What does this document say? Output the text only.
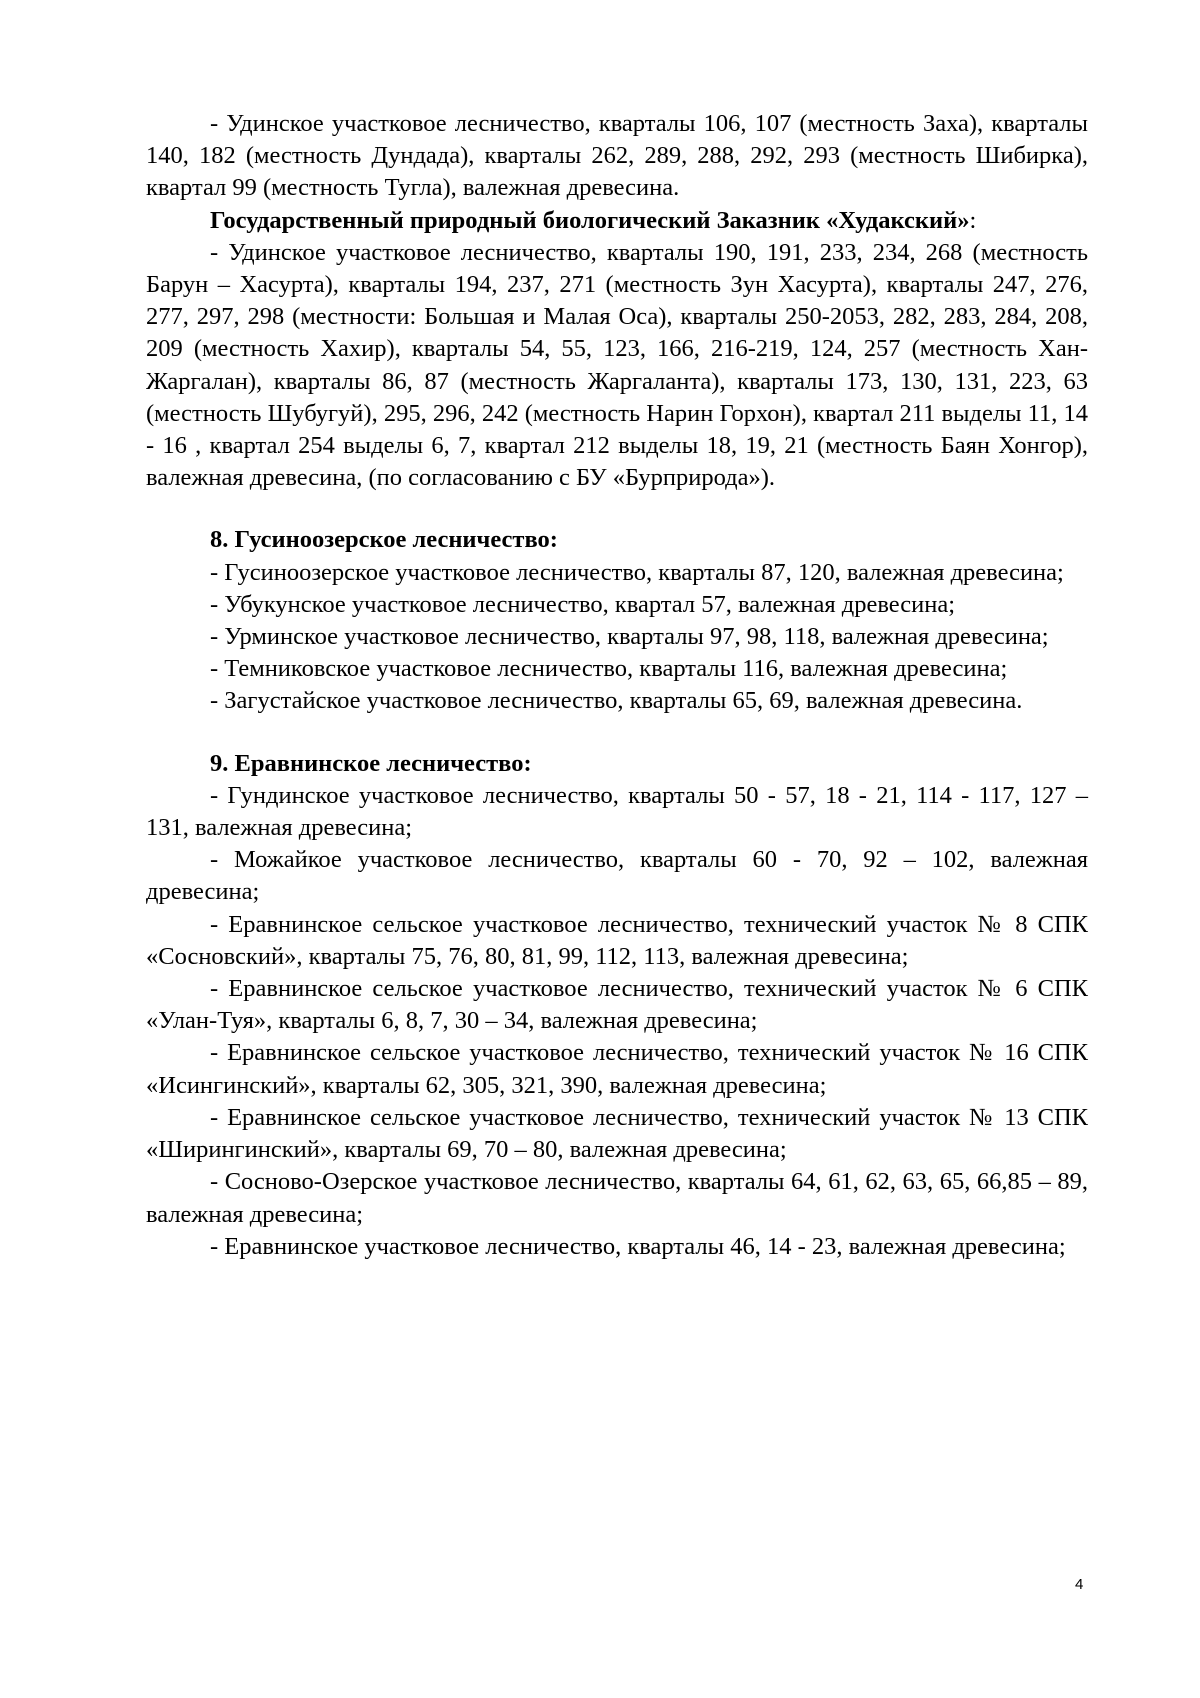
- Удинское участковое лесничество, кварталы 106, 107 (местность Заха), кварталы 140, 182 (местность Дундада), кварталы 262, 289, 288, 292, 293 (местность Шибирка), квартал 99 (местность Тугла), валежная древесина.

Государственный природный биологический Заказник «Худакский»:

- Удинское участковое лесничество, кварталы 190, 191, 233, 234, 268 (местность Барун – Хасурта), кварталы 194, 237, 271 (местность Зун Хасурта), кварталы 247, 276, 277, 297, 298 (местности: Большая и Малая Оса), кварталы 250-2053, 282, 283, 284, 208, 209 (местность Хахир), кварталы 54, 55, 123, 166, 216-219, 124, 257 (местность Хан-Жаргалан), кварталы 86, 87 (местность Жаргаланта), кварталы 173, 130, 131, 223, 63 (местность Шубугуй), 295, 296, 242 (местность Нарин Горхон), квартал 211 выделы 11, 14 - 16 , квартал 254 выделы 6, 7, квартал 212 выделы 18, 19, 21 (местность Баян Хонгор), валежная древесина, (по согласованию с БУ «Бурприрода»).

8. Гусиноозерское лесничество:

- Гусиноозерское участковое лесничество, кварталы 87, 120, валежная древесина;

- Убукунское участковое лесничество, квартал 57, валежная древесина;

- Урминское участковое лесничество, кварталы 97, 98, 118, валежная древесина;

- Темниковское участковое лесничество, кварталы 116, валежная древесина;

- Загустайское участковое лесничество, кварталы 65, 69, валежная древесина.

9. Еравнинское лесничество:

- Гундинское участковое лесничество, кварталы 50 - 57, 18 - 21, 114 - 117, 127 – 131, валежная древесина;

- Можайкое участковое лесничество, кварталы 60 - 70, 92 – 102, валежная древесина;

- Еравнинское сельское участковое лесничество, технический участок № 8 СПК «Сосновский», кварталы 75, 76, 80, 81, 99, 112, 113, валежная древесина;

- Еравнинское сельское участковое лесничество, технический участок № 6 СПК «Улан-Туя», кварталы 6, 8, 7, 30 – 34, валежная древесина;

- Еравнинское сельское участковое лесничество, технический участок № 16 СПК «Исингинский», кварталы 62, 305, 321, 390, валежная древесина;

- Еравнинское сельское участковое лесничество, технический участок № 13 СПК «Ширингинский», кварталы 69, 70 – 80, валежная древесина;

- Сосново-Озерское участковое лесничество, кварталы 64, 61, 62, 63, 65, 66,85 – 89, валежная древесина;

- Еравнинское участковое лесничество, кварталы 46, 14 - 23, валежная древесина;

4
